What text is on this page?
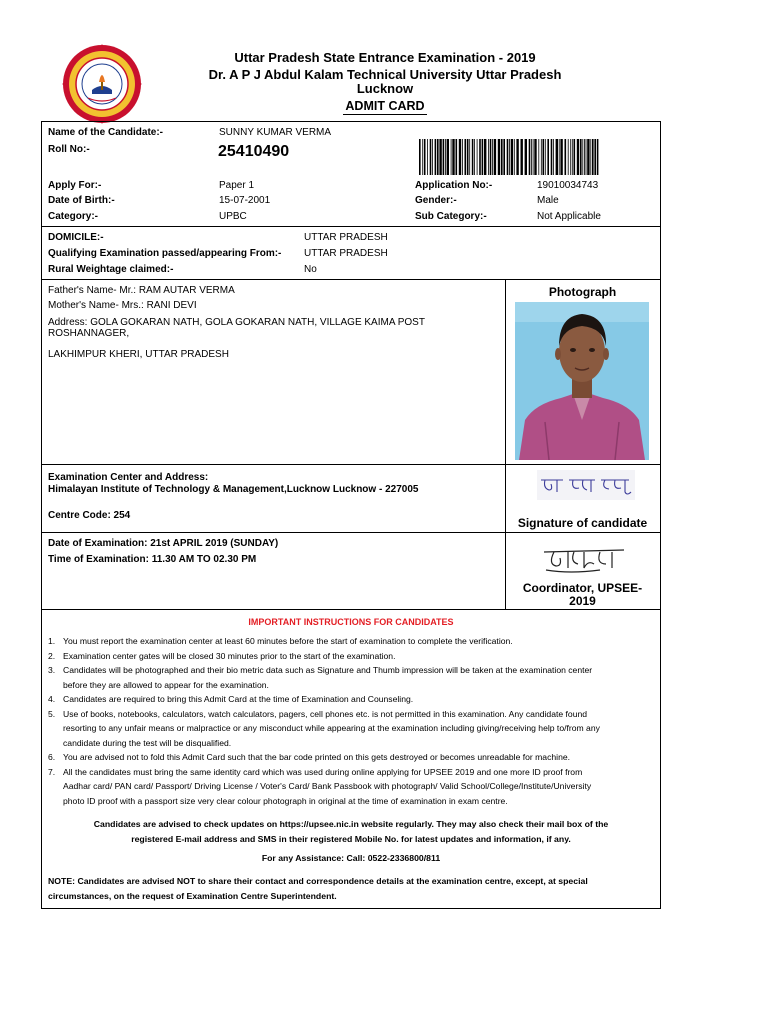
Uttar Pradesh State Entrance Examination - 2019
Dr. A P J Abdul Kalam Technical University Uttar Pradesh
Lucknow
ADMIT CARD
Name of the Candidate:-	SUNNY KUMAR VERMA
Roll No:-	25410490
Apply For:-	Paper 1	Application No:-	19010034743
Date of Birth:-	15-07-2001	Gender:-	Male
Category:-	UPBC	Sub Category:-	Not Applicable
DOMICILE:-	UTTAR PRADESH
Qualifying Examination passed/appearing From:- UTTAR PRADESH
Rural Weightage claimed:-	No
Father's Name- Mr.: RAM AUTAR VERMA
Mother's Name- Mrs.: RANI DEVI
Address: GOLA GOKARAN NATH, GOLA GOKARAN NATH, VILLAGE KAIMA POST
ROSHANNAGER,
LAKHIMPUR KHERI, UTTAR PRADESH
Photograph
Examination Center and Address:
Himalayan Institute of Technology & Management,Lucknow Lucknow - 227005
Centre Code: 254
Signature of candidate
Date of Examination: 21st APRIL 2019 (SUNDAY)
Time of Examination: 11.30 AM TO 02.30 PM
Coordinator, UPSEE-
2019
IMPORTANT INSTRUCTIONS FOR CANDIDATES
1. You must report the examination center at least 60 minutes before the start of examination to complete the verification.
2. Examination center gates will be closed 30 minutes prior to the start of the examination.
3. Candidates will be photographed and their bio metric data such as Signature and Thumb impression will be taken at the examination center
before they are allowed to appear for the examination.
4. Candidates are required to bring this Admit Card at the time of Examination and Counseling.
5. Use of books, notebooks, calculators, watch calculators, pagers, cell phones etc. is not permitted in this examination. Any candidate found
resorting to any unfair means or malpractice or any misconduct while appearing at the examination including giving/receiving help to/from any
candidate during the test will be disqualified.
6. You are advised not to fold this Admit Card such that the bar code printed on this gets destroyed or becomes unreadable for machine.
7. All the candidates must bring the same identity card which was used during online applying for UPSEE 2019 and one more ID proof from
Aadhar card/ PAN card/ Passport/ Driving License / Voter's Card/ Bank Passbook with photograph/ Valid School/College/Institute/University
photo ID proof with a passport size very clear colour photograph in original at the time of examination in exam centre.
Candidates are advised to check updates on https://upsee.nic.in website regularly. They may also check their mail box of the
registered E-mail address and SMS in their registered Mobile No. for latest updates and information, if any.
For any Assistance: Call: 0522-2336800/811
NOTE: Candidates are advised NOT to share their contact and correspondence details at the examination centre, except, at special
circumstances, on the request of Examination Centre Superintendent.
